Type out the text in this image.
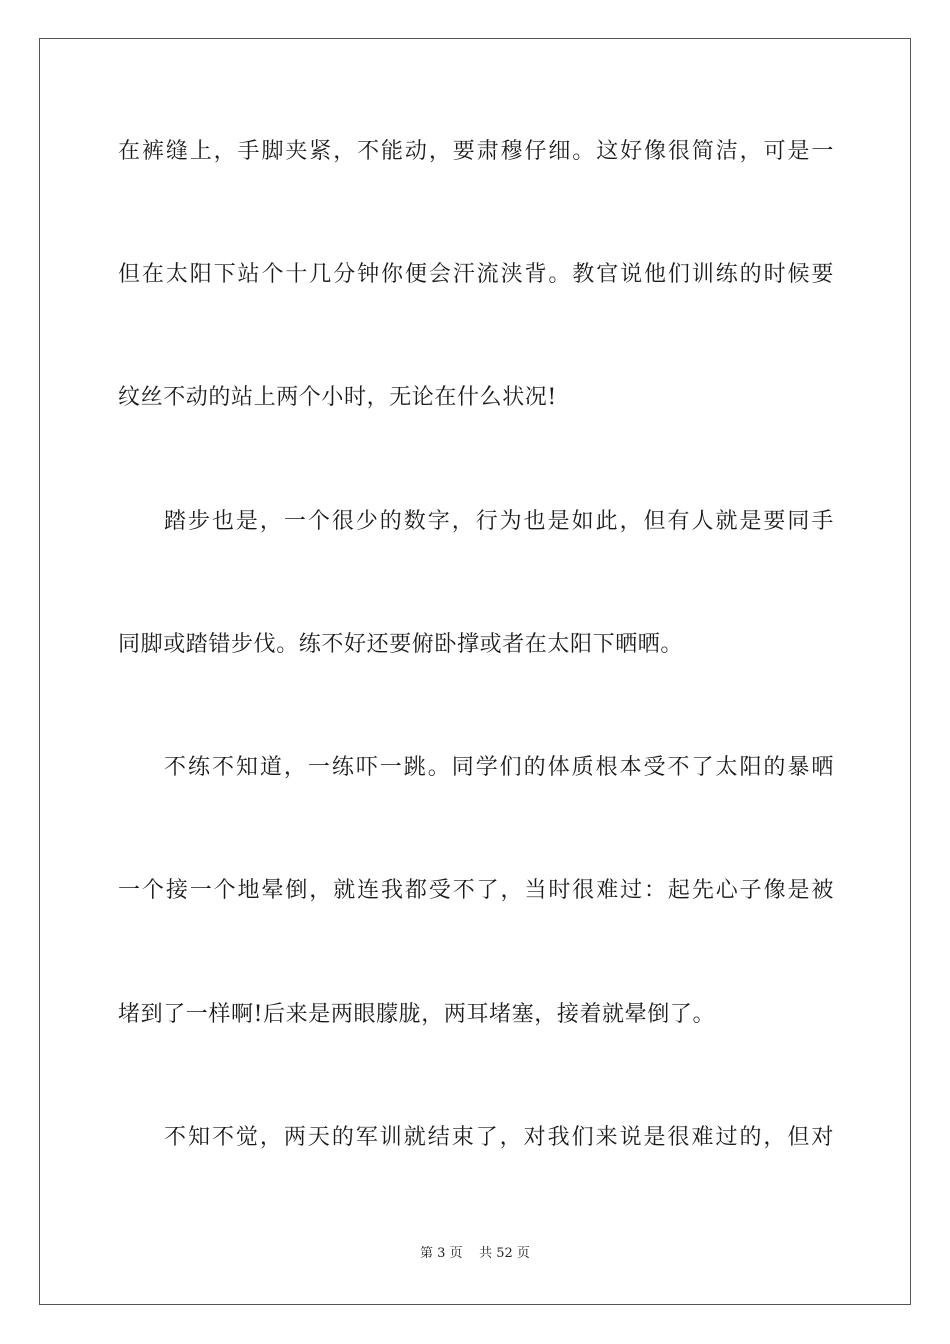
在裤缝上，手脚夹紧，不能动，要肃穆仔细。这好像很简洁，可是一
但在太阳下站个十几分钟你便会汗流浃背。教官说他们训练的时候要
纹丝不动的站上两个小时，无论在什么状况!
踏步也是，一个很少的数字，行为也是如此，但有人就是要同手
同脚或踏错步伐。练不好还要俯卧撑或者在太阳下晒晒。
不练不知道，一练吓一跳。同学们的体质根本受不了太阳的暴晒
一个接一个地晕倒，就连我都受不了，当时很难过：起先心子像是被
堵到了一样啊!后来是两眼朦胧，两耳堵塞，接着就晕倒了。
不知不觉，两天的军训就结束了，对我们来说是很难过的，但对
第 3 页 共 52 页
